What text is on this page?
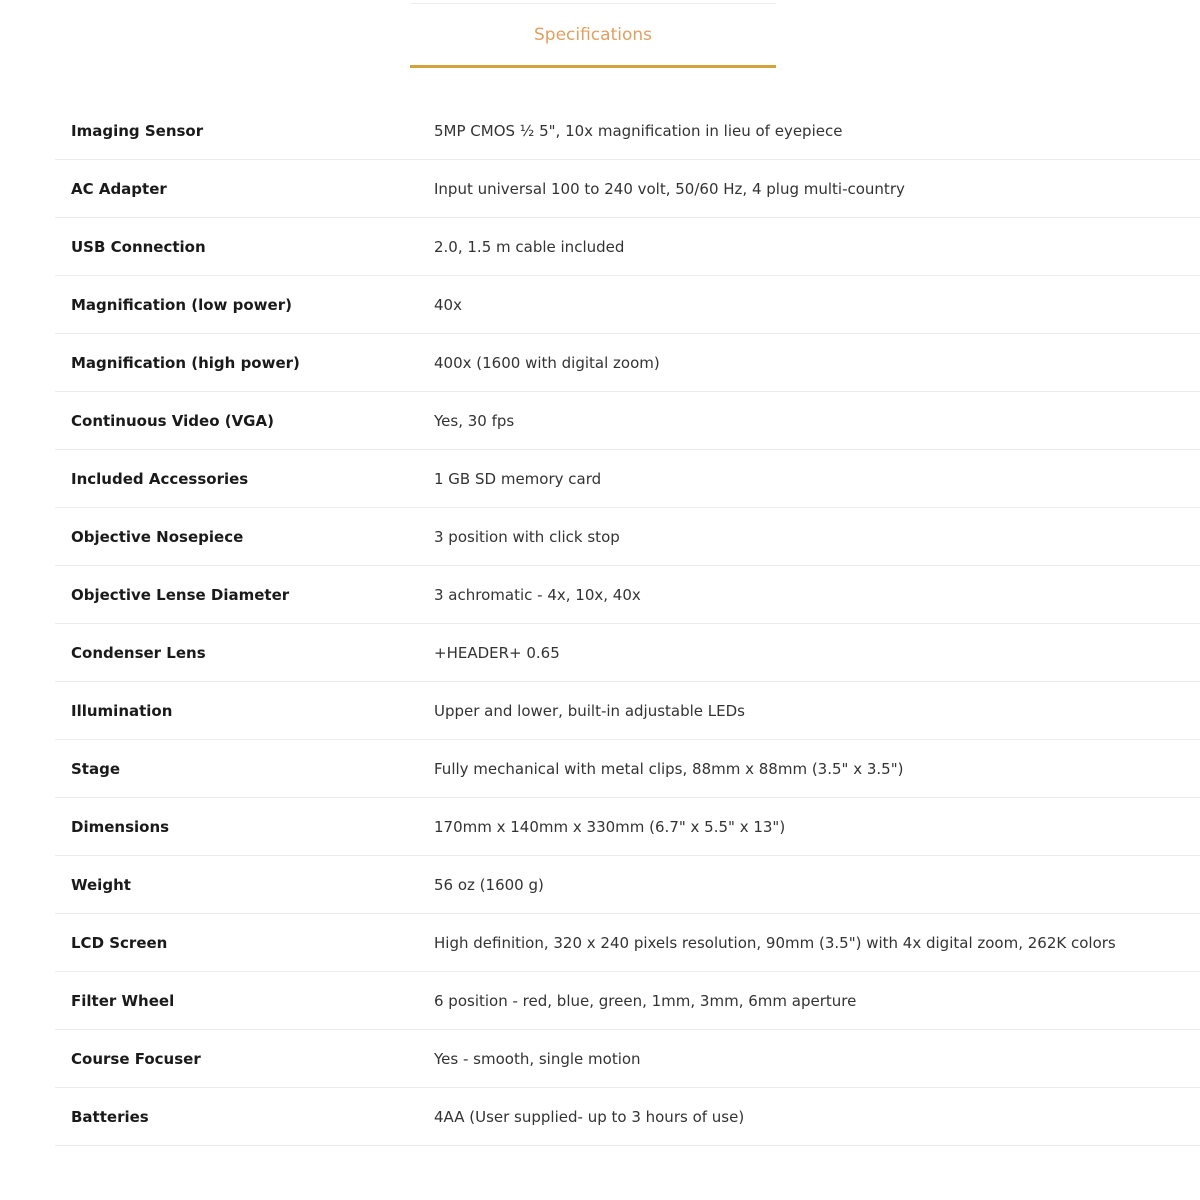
Specifications
Imaging Sensor	5MP CMOS ½ 5", 10x magnification in lieu of eyepiece
AC Adapter	Input universal 100 to 240 volt, 50/60 Hz, 4 plug multi-country
USB Connection	2.0, 1.5 m cable included
Magnification (low power)	40x
Magnification (high power)	400x (1600 with digital zoom)
Continuous Video (VGA)	Yes, 30 fps
Included Accessories	1 GB SD memory card
Objective Nosepiece	3 position with click stop
Objective Lense Diameter	3 achromatic - 4x, 10x, 40x
Condenser Lens	+HEADER+ 0.65
Illumination	Upper and lower, built-in adjustable LEDs
Stage	Fully mechanical with metal clips, 88mm x 88mm (3.5" x 3.5")
Dimensions	170mm x 140mm x 330mm (6.7" x 5.5" x 13")
Weight	56 oz (1600 g)
LCD Screen	High definition, 320 x 240 pixels resolution, 90mm (3.5") with 4x digital zoom, 262K colors
Filter Wheel	6 position - red, blue, green, 1mm, 3mm, 6mm aperture
Course Focuser	Yes - smooth, single motion
Batteries	4AA (User supplied- up to 3 hours of use)
